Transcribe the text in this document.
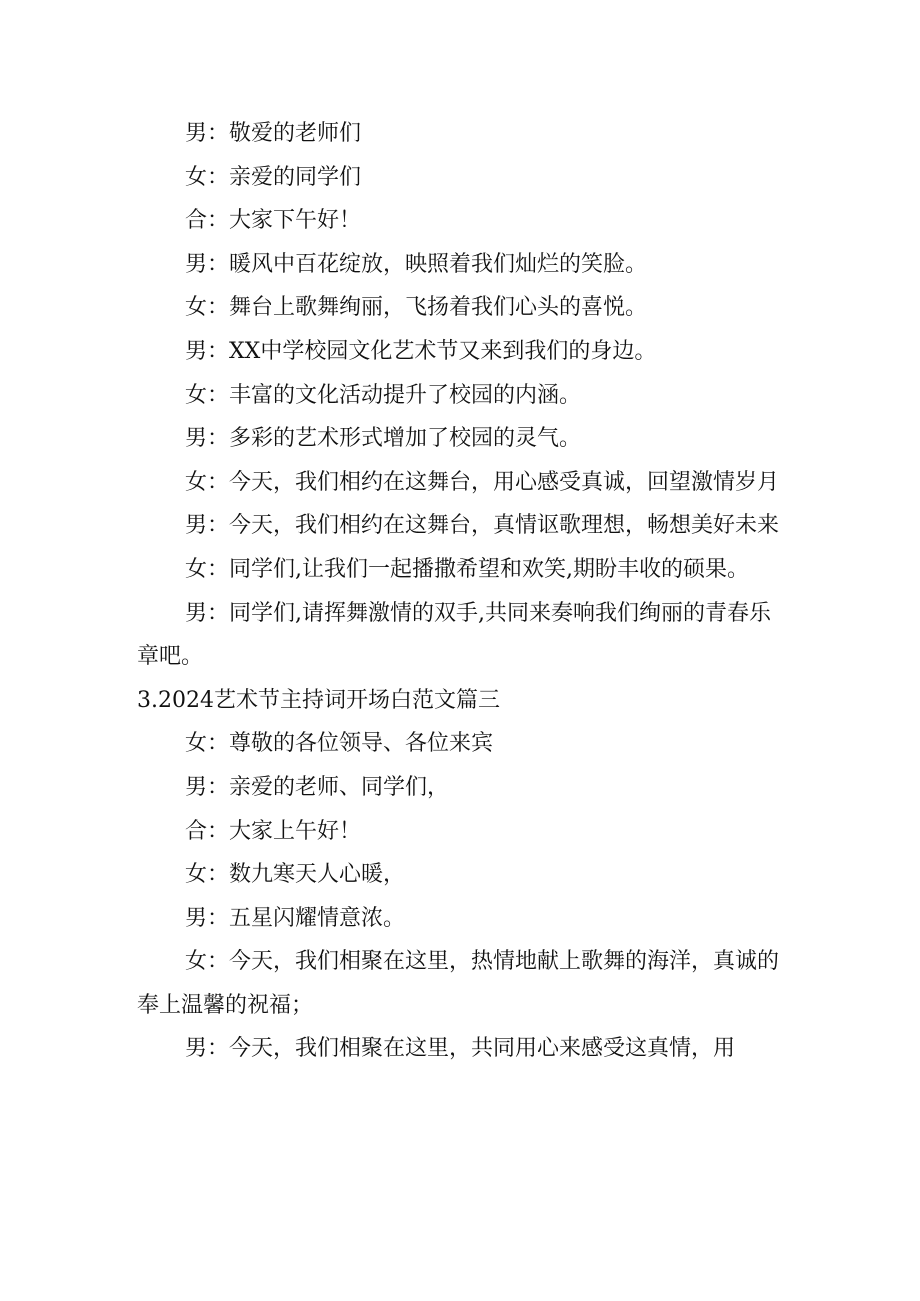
男：敬爱的老师们

女：亲爱的同学们

合：大家下午好！

男：暖风中百花绽放，映照着我们灿烂的笑脸。

女：舞台上歌舞绚丽，飞扬着我们心头的喜悦。

男：XX中学校园文化艺术节又来到我们的身边。

女：丰富的文化活动提升了校园的内涵。

男：多彩的艺术形式增加了校园的灵气。

女：今天，我们相约在这舞台，用心感受真诚，回望激情岁月

男：今天，我们相约在这舞台，真情讴歌理想，畅想美好未来

女：同学们,让我们一起播撒希望和欢笑,期盼丰收的硕果。

男：同学们,请挥舞激情的双手,共同来奏响我们绚丽的青春乐章吧。

3.2024艺术节主持词开场白范文篇三

女：尊敬的各位领导、各位来宾

男：亲爱的老师、同学们，

合：大家上午好！

女：数九寒天人心暖，

男：五星闪耀情意浓。

女：今天，我们相聚在这里，热情地献上歌舞的海洋，真诚的奉上温馨的祝福；

男：今天，我们相聚在这里，共同用心来感受这真情，用
